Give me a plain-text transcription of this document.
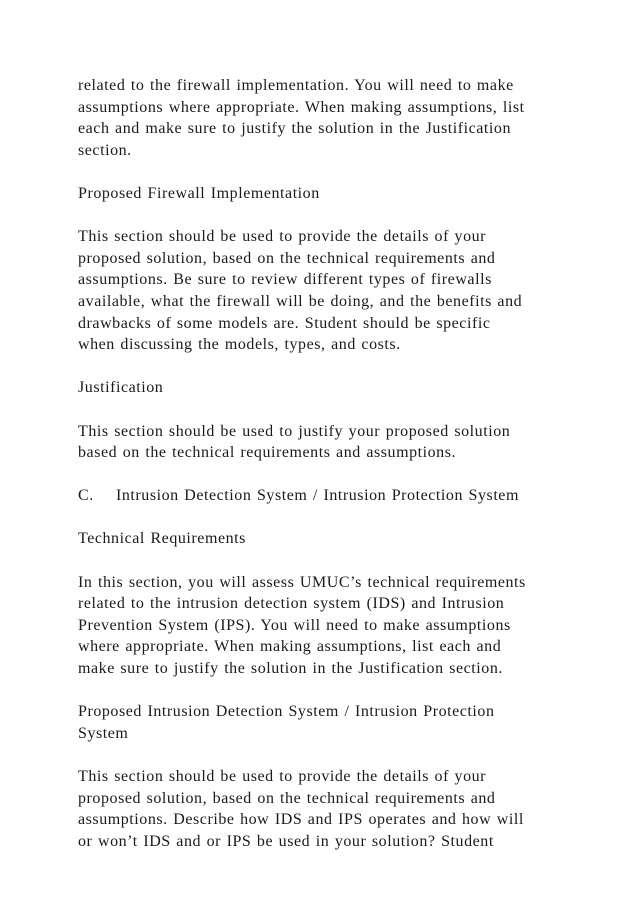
related to the firewall implementation. You will need to make
assumptions where appropriate. When making assumptions, list
each and make sure to justify the solution in the Justification
section.

Proposed Firewall Implementation

This section should be used to provide the details of your
proposed solution, based on the technical requirements and
assumptions. Be sure to review different types of firewalls
available, what the firewall will be doing, and the benefits and
drawbacks of some models are. Student should be specific
when discussing the models, types, and costs.

Justification

This section should be used to justify your proposed solution
based on the technical requirements and assumptions.

C.    Intrusion Detection System / Intrusion Protection System

Technical Requirements

In this section, you will assess UMUC’s technical requirements
related to the intrusion detection system (IDS) and Intrusion
Prevention System (IPS). You will need to make assumptions
where appropriate. When making assumptions, list each and
make sure to justify the solution in the Justification section.

Proposed Intrusion Detection System / Intrusion Protection
System

This section should be used to provide the details of your
proposed solution, based on the technical requirements and
assumptions. Describe how IDS and IPS operates and how will
or won’t IDS and or IPS be used in your solution? Student
